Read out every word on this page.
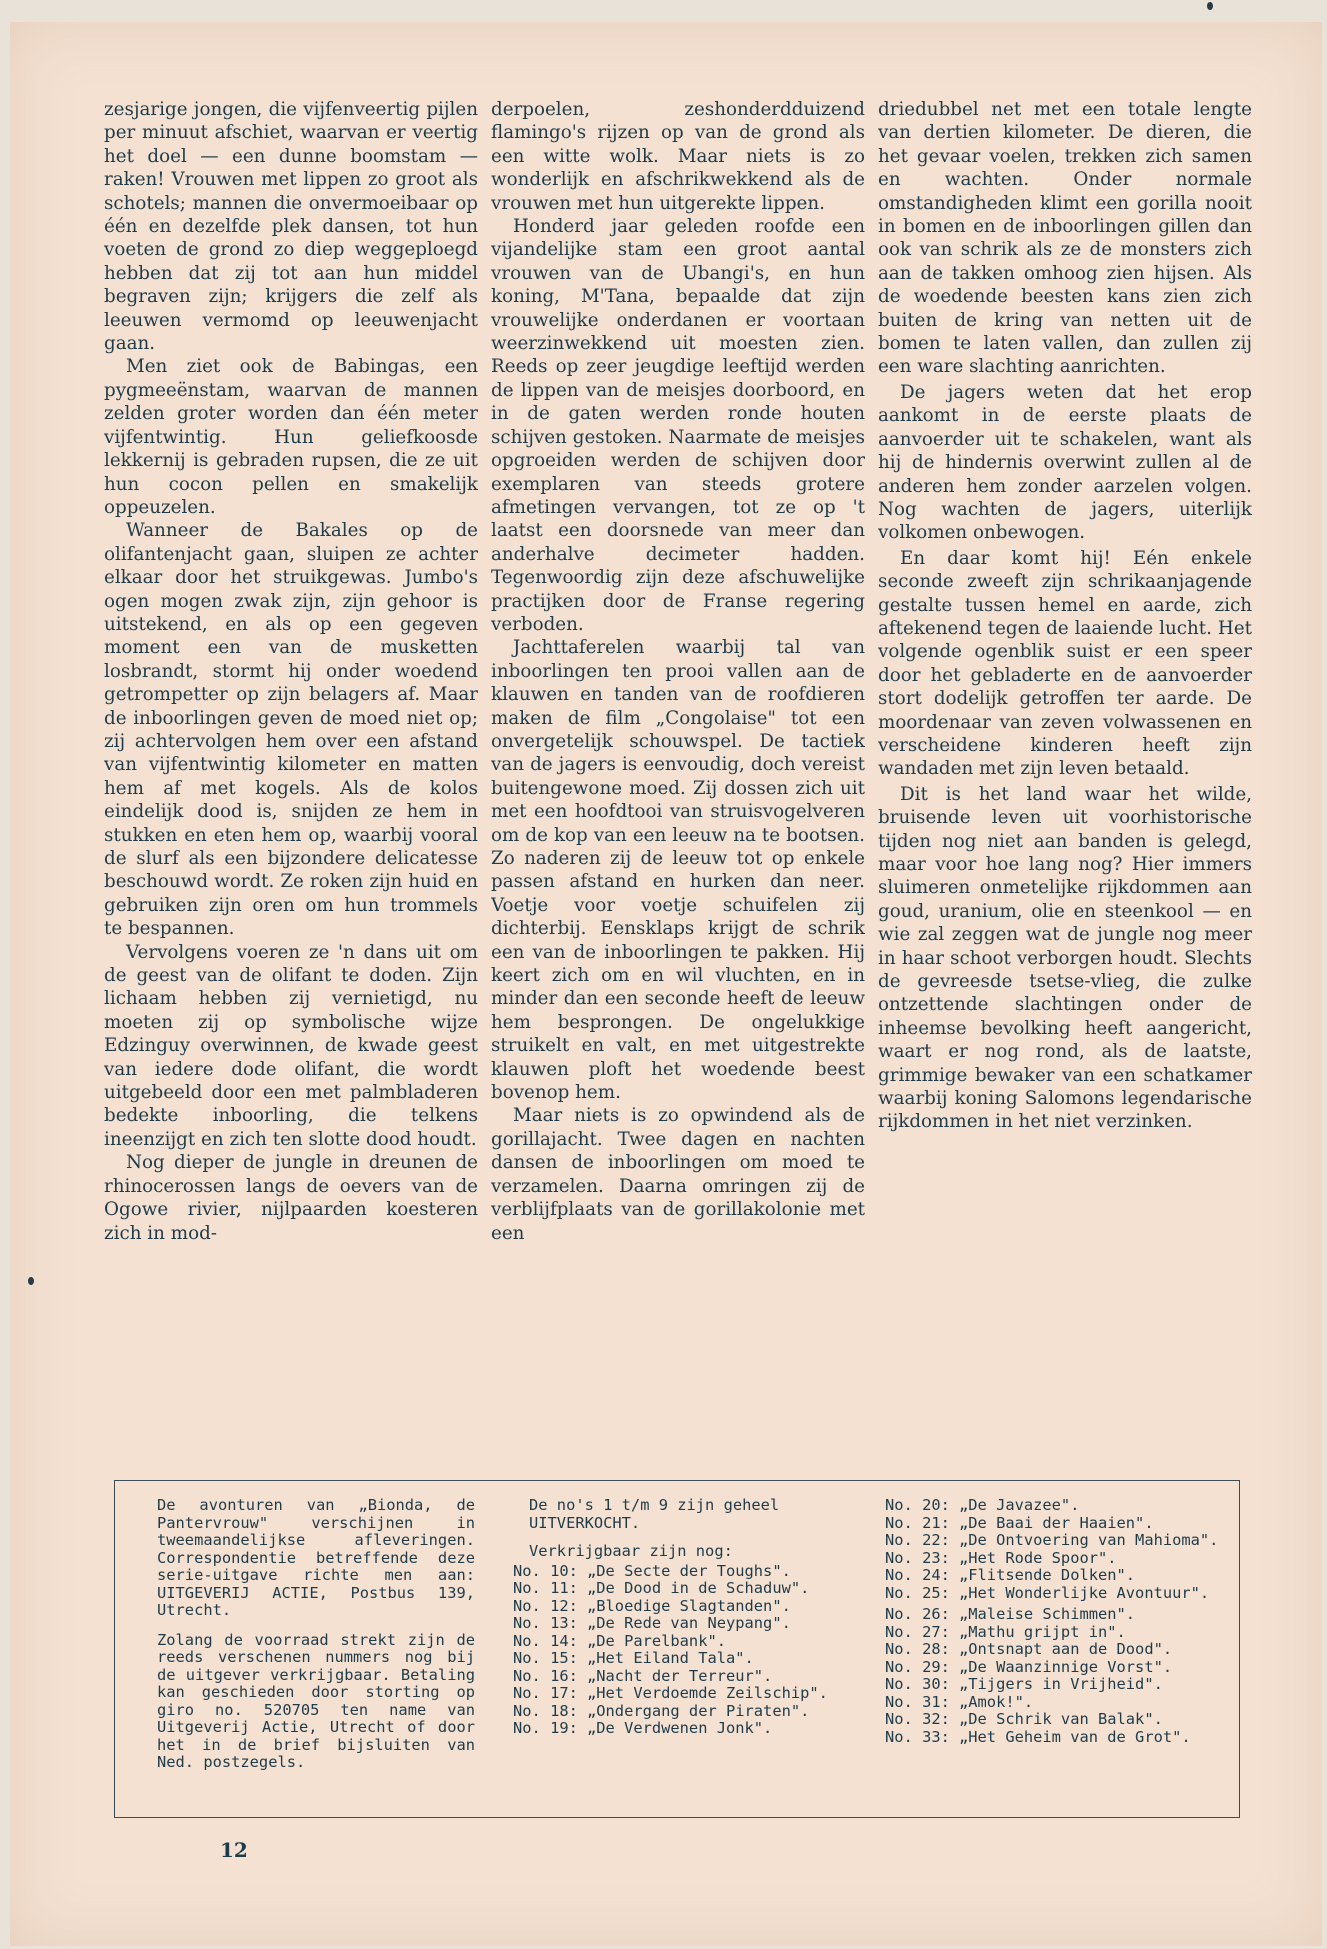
zesjarige jongen, die vijfenveertig pijlen per minuut afschiet, waarvan er veertig het doel — een dunne boomstam — raken! Vrouwen met lippen zo groot als schotels; mannen die onvermoeibaar op één en dezelfde plek dansen, tot hun voeten de grond zo diep weggeploegd hebben dat zij tot aan hun middel begraven zijn; krijgers die zelf als leeuwen vermomd op leeuwenjacht gaan.

Men ziet ook de Babingas, een pygmeeënstam, waarvan de mannen zelden groter worden dan één meter vijfentwintig. Hun geliefkoosde lekkernij is gebraden rupsen, die ze uit hun cocon pellen en smakelijk oppeuzelen.

Wanneer de Bakales op de olifantenjacht gaan, sluipen ze achter elkaar door het struikgewas. Jumbo's ogen mogen zwak zijn, zijn gehoor is uitstekend, en als op een gegeven moment een van de musketten losbrandt, stormt hij onder woedend getrompetter op zijn belagers af. Maar de inboorlingen geven de moed niet op; zij achtervolgen hem over een afstand van vijfentwintig kilometer en matten hem af met kogels. Als de kolos eindelijk dood is, snijden ze hem in stukken en eten hem op, waarbij vooral de slurf als een bijzondere delicatesse beschouwd wordt. Ze roken zijn huid en gebruiken zijn oren om hun trommels te bespannen.

Vervolgens voeren ze 'n dans uit om de geest van de olifant te doden. Zijn lichaam hebben zij vernietigd, nu moeten zij op symbolische wijze Edzinguy overwinnen, de kwade geest van iedere dode olifant, die wordt uitgebeeld door een met palmbladeren bedekte inboorling, die telkens ineenzijgt en zich ten slotte dood houdt.

Nog dieper de jungle in dreunen de rhinocerossen langs de oevers van de Ogowe rivier, nijlpaarden koesteren zich in mod-

derpoelen, zeshonderdduizend flamingo's rijzen op van de grond als een witte wolk. Maar niets is zo wonderlijk en afschrikwekkend als de vrouwen met hun uitgerekte lippen.

Honderd jaar geleden roofde een vijandelijke stam een groot aantal vrouwen van de Ubangi's, en hun koning, M'Tana, bepaalde dat zijn vrouwelijke onderdanen er voortaan weerzinwekkend uit moesten zien. Reeds op zeer jeugdige leeftijd werden de lippen van de meisjes doorboord, en in de gaten werden ronde houten schijven gestoken. Naarmate de meisjes opgroeiden werden de schijven door exemplaren van steeds grotere afmetingen vervangen, tot ze op 't laatst een doorsnede van meer dan anderhalve decimeter hadden. Tegenwoordig zijn deze afschuwelijke practijken door de Franse regering verboden.

Jachttaferelen waarbij tal van inboorlingen ten prooi vallen aan de klauwen en tanden van de roofdieren maken de film „Congolaise" tot een onvergetelijk schouwspel. De tactiek van de jagers is eenvoudig, doch vereist buitengewone moed. Zij dossen zich uit met een hoofdtooi van struisvogelveren om de kop van een leeuw na te bootsen. Zo naderen zij de leeuw tot op enkele passen afstand en hurken dan neer. Voetje voor voetje schuifelen zij dichterbij. Eensklaps krijgt de schrik een van de inboorlingen te pakken. Hij keert zich om en wil vluchten, en in minder dan een seconde heeft de leeuw hem besprongen. De ongelukkige struikelt en valt, en met uitgestrekte klauwen ploft het woedende beest bovenop hem.

Maar niets is zo opwindend als de gorillajacht. Twee dagen en nachten dansen de inboorlingen om moed te verzamelen. Daarna omringen zij de verblijfplaats van de gorillakolonie met een

driedubbel net met een totale lengte van dertien kilometer. De dieren, die het gevaar voelen, trekken zich samen en wachten. Onder normale omstandigheden klimt een gorilla nooit in bomen en de inboorlingen gillen dan ook van schrik als ze de monsters zich aan de takken omhoog zien hijsen. Als de woedende beesten kans zien zich buiten de kring van netten uit de bomen te laten vallen, dan zullen zij een ware slachting aanrichten.

De jagers weten dat het erop aankomt in de eerste plaats de aanvoerder uit te schakelen, want als hij de hindernis overwint zullen al de anderen hem zonder aarzelen volgen. Nog wachten de jagers, uiterlijk volkomen onbewogen.

En daar komt hij! Eén enkele seconde zweeft zijn schrikaanjagende gestalte tussen hemel en aarde, zich aftekenend tegen de laaiende lucht. Het volgende ogenblik suist er een speer door het gebladerte en de aanvoerder stort dodelijk getroffen ter aarde. De moordenaar van zeven volwassenen en verscheidene kinderen heeft zijn wandaden met zijn leven betaald.

Dit is het land waar het wilde, bruisende leven uit voorhistorische tijden nog niet aan banden is gelegd, maar voor hoe lang nog? Hier immers sluimeren onmetelijke rijkdommen aan goud, uranium, olie en steenkool — en wie zal zeggen wat de jungle nog meer in haar schoot verborgen houdt. Slechts de gevreesde tsetse-vlieg, die zulke ontzettende slachtingen onder de inheemse bevolking heeft aangericht, waart er nog rond, als de laatste, grimmige bewaker van een schatkamer waarbij koning Salomons legendarische rijkdommen in het niet verzinken.

De avonturen van „Bionda, de Pantervrouw" verschijnen in tweemaandelijkse afleveringen. Correspondentie betreffende deze serie-uitgave richte men aan: UITGEVERIJ ACTIE, Postbus 139, Utrecht.

Zolang de voorraad strekt zijn de reeds verschenen nummers nog bij de uitgever verkrijgbaar. Betaling kan geschieden door storting op giro no. 520705 ten name van Uitgeverij Actie, Utrecht of door het in de brief bijsluiten van Ned. postzegels.

De no's 1 t/m 9 zijn geheel UITVERKOCHT.

Verkrijgbaar zijn nog:

No. 10: „De Secte der Toughs".
No. 11: „De Dood in de Schaduw".
No. 12: „Bloedige Slagtanden".
No. 13: „De Rede van Neypang".
No. 14: „De Parelbank".
No. 15: „Het Eiland Tala".
No. 16: „Nacht der Terreur".
No. 17: „Het Verdoemde Zeilschip".
No. 18: „Ondergang der Piraten".
No. 19: „De Verdwenen Jonk".
No. 20: „De Javazee".
No. 21: „De Baai der Haaien".
No. 22: „De Ontvoering van Mahioma".
No. 23: „Het Rode Spoor".
No. 24: „Flitsende Dolken".
No. 25: „Het Wonderlijke Avontuur".
No. 26: „Maleise Schimmen".
No. 27: „Mathu grijpt in".
No. 28: „Ontsnapt aan de Dood".
No. 29: „De Waanzinnige Vorst".
No. 30: „Tijgers in Vrijheid".
No. 31: „Amok!".
No. 32: „De Schrik van Balak".
No. 33: „Het Geheim van de Grot".
12
